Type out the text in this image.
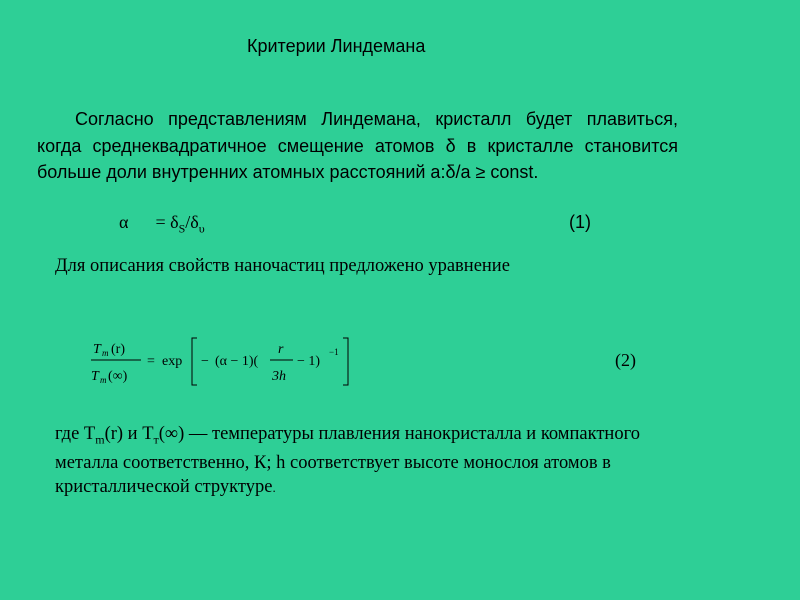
Критерии Линдемана
Согласно представлениям Линдемана, кристалл будет плавиться, когда среднеквадратичное смещение атомов δ в кристалле становится больше доли внутренних атомных расстояний а:δ/а ≥ const.
$\alpha = \delta_S/\delta_\upsilon$	(1)
Для описания свойств наночастиц предложено уравнение
T m (r)
T m (∞)
= exp − (α − 1)(
r
3h
− 1)
−1	(2)
где $T_m(r)$ и $T_т(\infty)$ — температуры плавления нанокристалла и компактного металла соответственно, К; h соответствует высоте монослоя атомов в кристаллической структуре.
